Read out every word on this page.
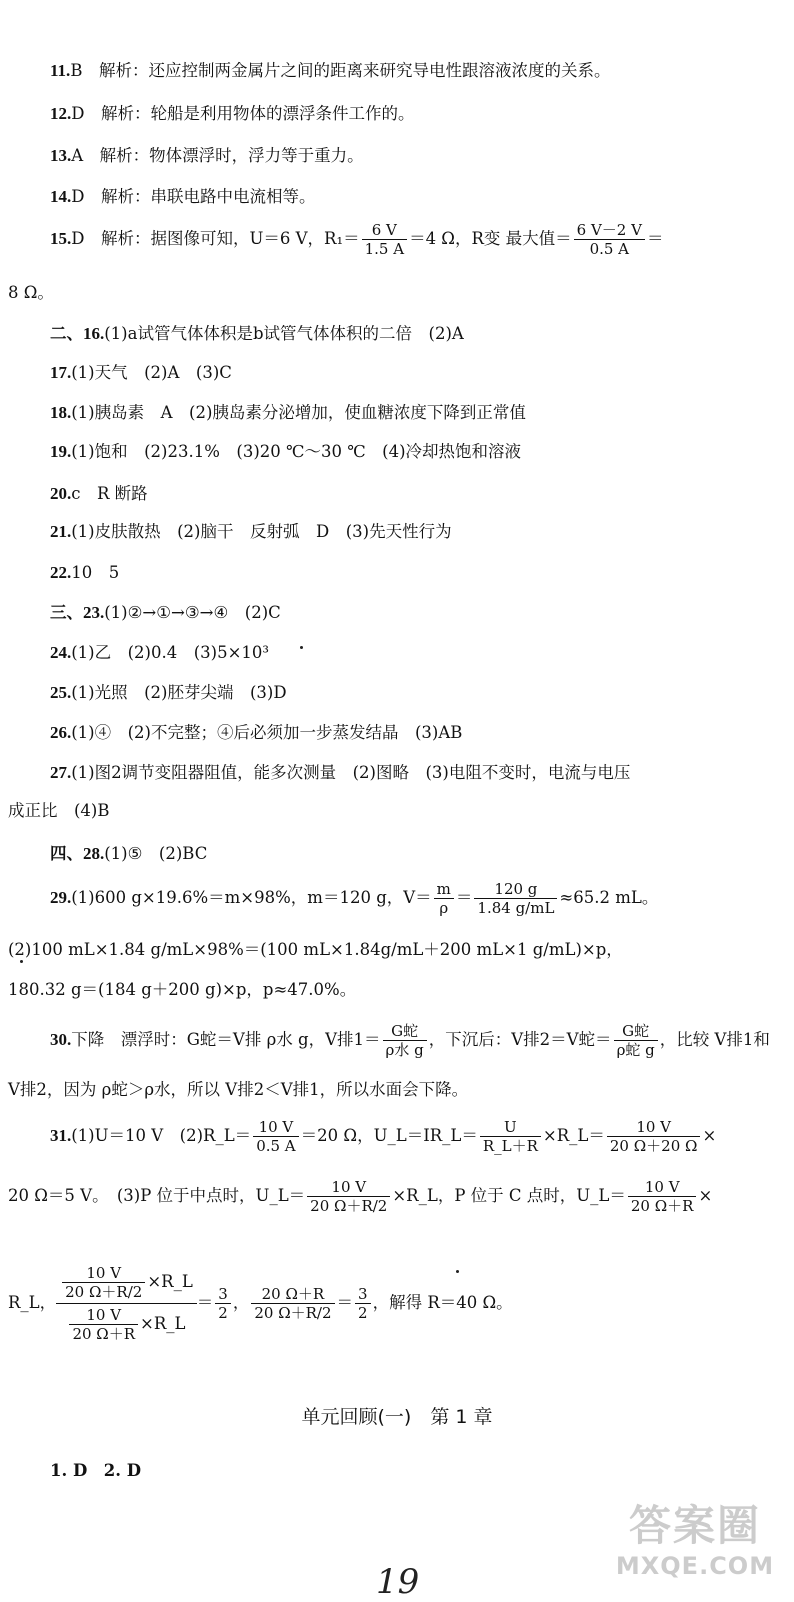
11.B　解析：还应控制两金属片之间的距离来研究导电性跟溶液浓度的关系。
12.D　解析：轮船是利用物体的漂浮条件工作的。
13.A　解析：物体漂浮时，浮力等于重力。
14.D　解析：串联电路中电流相等。
15.D　解析：据图像可知，U＝6 V，$R_1= \frac{6 V}{1.5 A} =4$ Ω，R变 最大值＝ $\frac{6 V-2 V}{0.5 A}$ ＝
8 Ω。
二、16.(1)a试管气体体积是b试管气体体积的二倍　(2)A
17.(1)天气　(2)A　(3)C
18.(1)胰岛素　A　(2)胰岛素分泌增加，使血糖浓度下降到正常值
19.(1)饱和　(2)23.1%　(3)20 ℃～30 ℃　(4)冷却热饱和溶液
20.c　R 断路
21.(1)皮肤散热　(2)脑干　反射弧　D　(3)先天性行为
22.10　5
三、23.(1)②→①→③→④　(2)C
24.(1)乙　(2)0.4　(3)5×10³
25.(1)光照　(2)胚芽尖端　(3)D
26.(1)④　(2)不完整；④后必须加一步蒸发结晶　(3)AB
27.(1)图2调节变阻器阻值，能多次测量　(2)图略　(3)电阻不变时，电流与电压
成正比　(4)B
四、28.(1)⑤　(2)BC
29.(1)600 g×19.6%＝m×98%，m＝120 g，$V= \frac{m}{\rho} = \frac{120 g}{1.84 g/mL} \approx 65.2$ mL。
(2)100 mL×1.84 g/mL×98%＝(100 mL×1.84g/mL＋200 mL×1 g/mL)×p，
180.32 g＝(184 g＋200 g)×p，p≈47.0%。
30.下降　漂浮时：G蛇＝V排 ρ水 g，V排$1= \frac{\text{G蛇}}{\text{ρ水 g}}$ ，下沉后：V排2＝V蛇＝ $\frac{\text{G蛇}}{\text{ρ蛇 g}}$ ，比较 V排1和
V排2，因为 ρ蛇＞ρ水，所以 V排2＜V排1，所以水面会下降。
31.(1)U＝10 V　(2)R_L＝ $\frac{10 V}{0.5 A} =20$ Ω，U_L＝IR_L＝ $\frac{U}{R\_L+R}$ ×R_L＝ $\frac{10 V}{20 \Omega+20 \Omega}$ ×
20 Ω＝5 V。　(3)P 位于中点时，U_L＝ $\frac{10 V}{20 \Omega+R/2}$ ×R_L，P 位于 C 点时，U_L＝ $\frac{10 V}{20 \Omega+R}$ ×
R_L， $\frac{\frac{10 V}{20 \Omega+R/2} \times R\_L}{\frac{10 V}{20 \Omega+R} \times R\_L} = \frac{3}{2}$ ， $\frac{20 \Omega+R}{20 \Omega+R/2} = \frac{3}{2}$ ，解得 R＝40 Ω。
单元回顾(一)　第 1 章
1. D　2. D
19
答案圈
MXQE.COM
